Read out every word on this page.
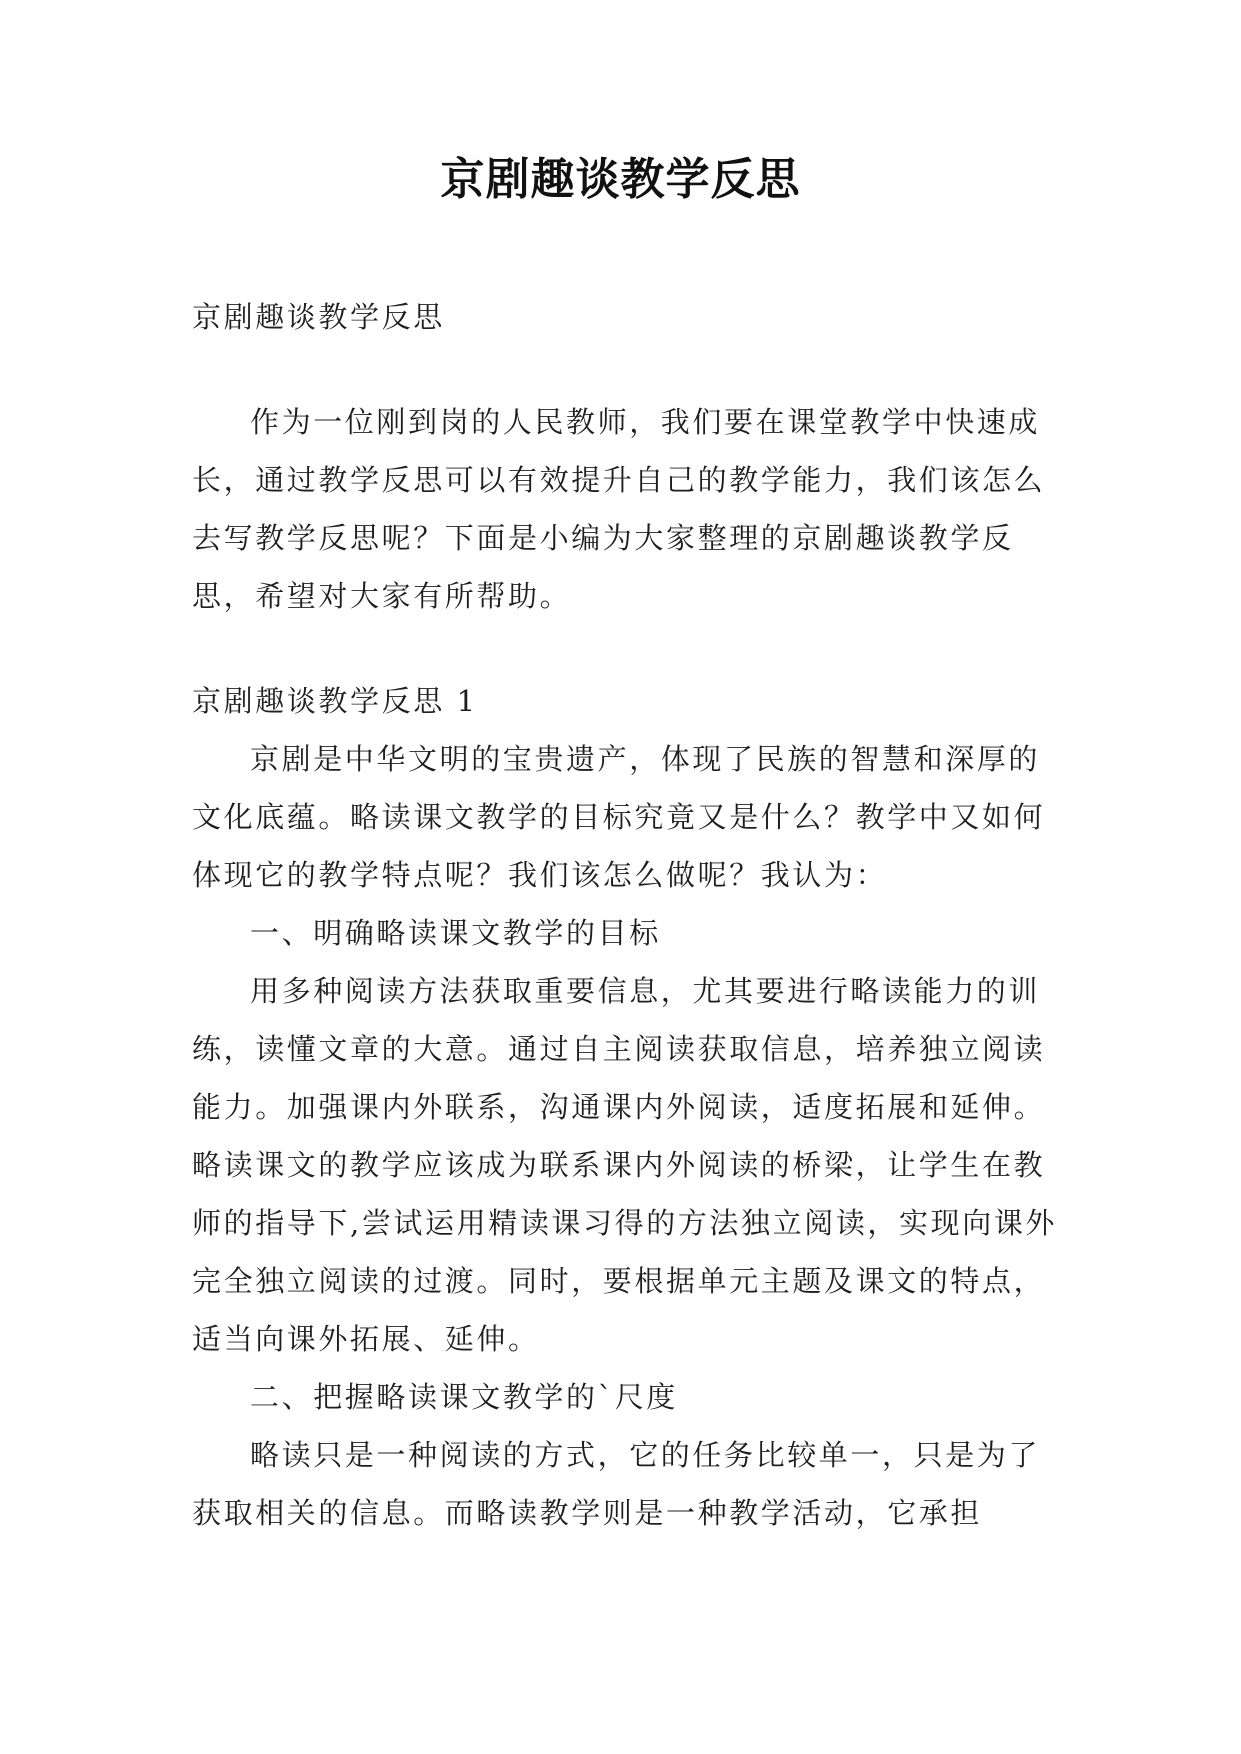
京剧趣谈教学反思

京剧趣谈教学反思

作为一位刚到岗的人民教师，我们要在课堂教学中快速成长，通过教学反思可以有效提升自己的教学能力，我们该怎么去写教学反思呢？下面是小编为大家整理的京剧趣谈教学反思，希望对大家有所帮助。

京剧趣谈教学反思 1

京剧是中华文明的宝贵遗产，体现了民族的智慧和深厚的文化底蕴。略读课文教学的目标究竟又是什么？教学中又如何体现它的教学特点呢？我们该怎么做呢？我认为：

一、明确略读课文教学的目标

用多种阅读方法获取重要信息，尤其要进行略读能力的训练，读懂文章的大意。通过自主阅读获取信息，培养独立阅读能力。加强课内外联系，沟通课内外阅读，适度拓展和延伸。略读课文的教学应该成为联系课内外阅读的桥梁，让学生在教师的指导下,尝试运用精读课习得的方法独立阅读，实现向课外完全独立阅读的过渡。同时，要根据单元主题及课文的特点，适当向课外拓展、延伸。

二、把握略读课文教学的`尺度

略读只是一种阅读的方式，它的任务比较单一，只是为了获取相关的信息。而略读教学则是一种教学活动，它承担
